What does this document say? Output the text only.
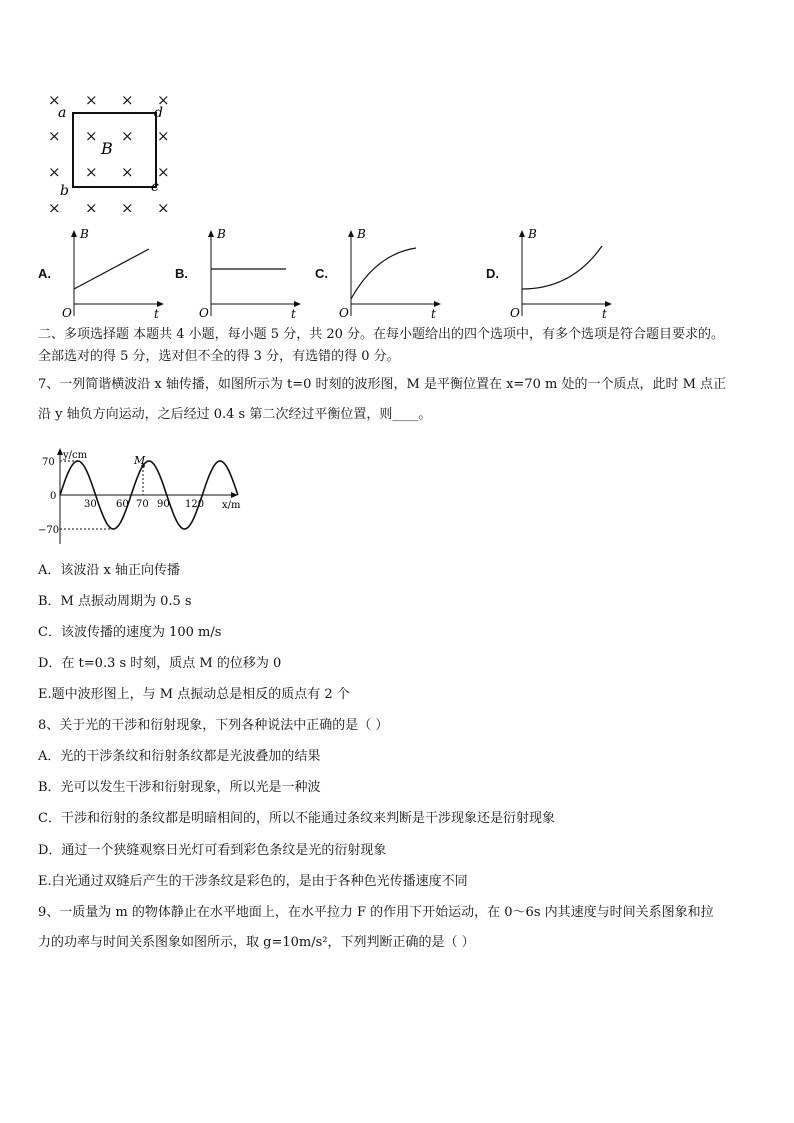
×
×
×
×
×
×
×
×
×
×
×
×
×
×
×
×
a	d
b	c
B
A.
B
t
O
B.
B
t
O
C.
B
t
O
D.
B
t
O
二、多项选择题 本题共 4 小题，每小题 5 分，共 20 分。在每小题给出的四个选项中，有多个选项是符合题目要求的。
全部选对的得 5 分，选对但不全的得 3 分，有选错的得 0 分。
7、一列简谐横波沿 x 轴传播，如图所示为 t=0 时刻的波形图，M 是平衡位置在 x=70 m 处的一个质点，此时 M 点正
沿 y 轴负方向运动，之后经过 0.4 s 第二次经过平衡位置，则____。
y/cm
x/m
70
0
−70
M
30 60 70 90 120
A．该波沿 x 轴正向传播
B．M 点振动周期为 0.5 s
C．该波传播的速度为 100 m/s
D．在 t=0.3 s 时刻，质点 M 的位移为 0
E.题中波形图上，与 M 点振动总是相反的质点有 2 个
8、关于光的干涉和衍射现象，下列各种说法中正确的是（ ）
A．光的干涉条纹和衍射条纹都是光波叠加的结果
B．光可以发生干涉和衍射现象，所以光是一种波
C．干涉和衍射的条纹都是明暗相间的，所以不能通过条纹来判断是干涉现象还是衍射现象
D．通过一个狭缝观察日光灯可看到彩色条纹是光的衍射现象
E.白光通过双缝后产生的干涉条纹是彩色的，是由于各种色光传播速度不同
9、一质量为 m 的物体静止在水平地面上，在水平拉力 F 的作用下开始运动，在 0～6s 内其速度与时间关系图象和拉
力的功率与时间关系图象如图所示，取 g=10m/s²，下列判断正确的是（ ）
